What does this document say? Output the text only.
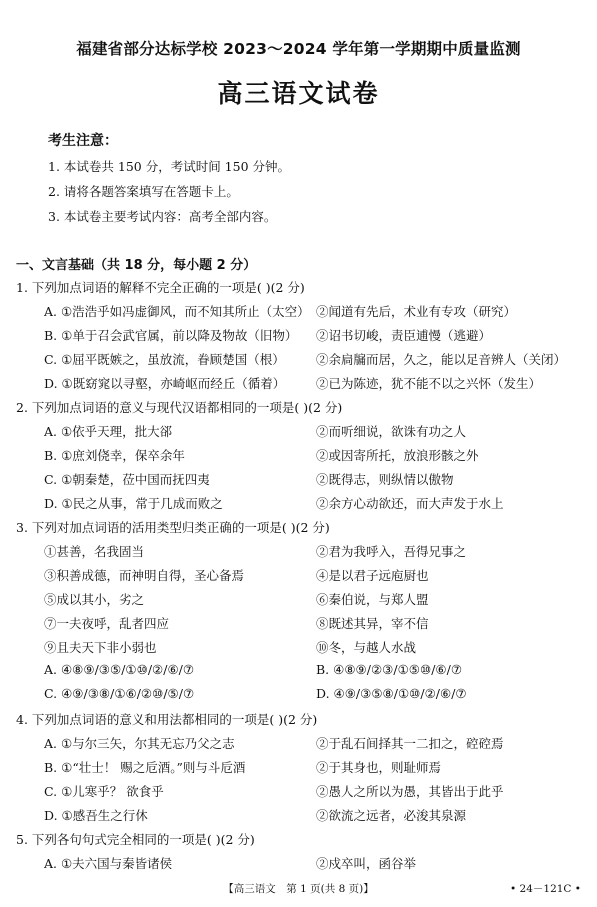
福建省部分达标学校 2023～2024 学年第一学期期中质量监测
高三语文试卷
考生注意：
1. 本试卷共 150 分，考试时间 150 分钟。
2. 请将各题答案填写在答题卡上。
3. 本试卷主要考试内容：高考全部内容。
一、文言基础（共 18 分，每小题 2 分）
1. 下列加点词语的解释不完全正确的一项是( )(2 分)
A. ①浩浩乎如冯虚御风，而不知其所止（太空） ②闻道有先后，术业有专攻（研究）
B. ①单于召会武官属，前以降及物故（旧物） ②诏书切峻，责臣逋慢（逃避）
C. ①屈平既嫉之，虽放流，眷顾楚国（根） ②余扃牖而居，久之，能以足音辨人（关闭）
D. ①既窈窕以寻壑，亦崎岖而经丘（循着） ②已为陈迹，犹不能不以之兴怀（发生）
2. 下列加点词语的意义与现代汉语都相同的一项是( )(2 分)
A. ①依乎天理，批大郤	②而听细说，欲诛有功之人
B. ①庶刘侥幸，保卒余年	②或因寄所托，放浪形骸之外
C. ①朝秦楚，莅中国而抚四夷	②既得志，则纵情以傲物
D. ①民之从事，常于几成而败之	②余方心动欲还，而大声发于水上
3. 下列对加点词语的活用类型归类正确的一项是( )(2 分)
①甚善，名我固当	②君为我呼入，吾得兄事之
③积善成德，而神明自得，圣心备焉	④是以君子远庖厨也
⑤成以其小，劣之	⑥秦伯说，与郑人盟
⑦一夫夜呼，乱者四应	⑧既述其异，宰不信
⑨且夫天下非小弱也	⑩冬，与越人水战
A. ④⑧⑨/③⑤/①⑩/②/⑥/⑦	B. ④⑧⑨/②③/①⑤⑩/⑥/⑦
C. ④⑨/③⑧/①⑥/②⑩/⑤/⑦	D. ④⑨/③⑤⑧/①⑩/②/⑥/⑦
4. 下列加点词语的意义和用法都相同的一项是( )(2 分)
A. ①与尔三矢，尔其无忘乃父之志	②于乱石间择其一二扣之，硿硿焉
B. ①“壮士！ 赐之卮酒。”则与斗卮酒	②于其身也，则耻师焉
C. ①儿寒乎？ 欲食乎	②愚人之所以为愚，其皆出于此乎
D. ①感吾生之行休	②欲流之远者，必浚其泉源
5. 下列各句句式完全相同的一项是( )(2 分)
A. ①夫六国与秦皆诸侯	②戍卒叫，函谷举
【高三语文　第 1 页(共 8 页)】	• 24－121C •
